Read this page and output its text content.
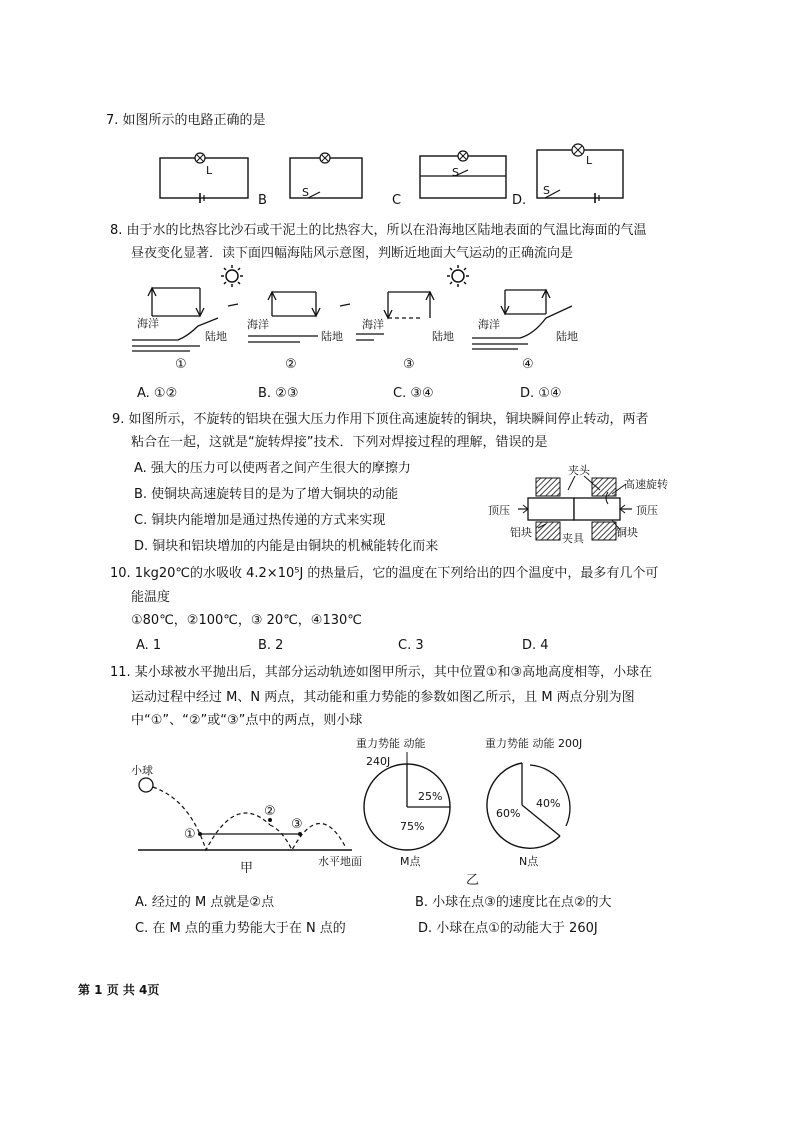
7. 如图所示的电路正确的是
L
S
S
L
S
B	C	D.
8. 由于水的比热容比沙石或干泥土的比热容大，所以在沿海地区陆地表面的气温比海面的气温
昼夜变化显著．读下面四幅海陆风示意图，判断近地面大气运动的正确流向是
海洋
陆地
海洋
陆地
海洋
陆地
海洋
陆地
①	②	③	④
A. ①②	B. ②③	C. ③④	D. ①④
9. 如图所示，不旋转的铝块在强大压力作用下顶住高速旋转的铜块，铜块瞬间停止转动，两者
粘合在一起，这就是“旋转焊接”技术．下列对焊接过程的理解，错误的是
A. 强大的压力可以使两者之间产生很大的摩擦力
B. 使铜块高速旋转目的是为了增大铜块的动能
C. 铜块内能增加是通过热传递的方式来实现
D. 铜块和铝块增加的内能是由铜块的机械能转化而来
夹头
高速旋转
顶压	顶压
铝块	夹具	铜块
10. 1kg20℃的水吸收 4.2×10⁵J 的热量后，它的温度在下列给出的四个温度中，最多有几个可
能温度
①80℃，②100℃，③ 20℃，④130℃
A. 1	B. 2	C. 3	D. 4
11. 某小球被水平抛出后，其部分运动轨迹如图甲所示，其中位置①和③高地高度相等，小球在
运动过程中经过 M、N 两点，其动能和重力势能的参数如图乙所示，且 M 两点分别为图
中“①”、“②”或“③”点中的两点，则小球
小球
①
②
③
水平地面
甲
重力势能 动能
240J
25%
75%
M点
重力势能 动能 200J
60%
40%
N点
乙
A. 经过的 M 点就是②点	B. 小球在点③的速度比在点②的大
C. 在 M 点的重力势能大于在 N 点的	D. 小球在点①的动能大于 260J
第 1 页 共 4页
